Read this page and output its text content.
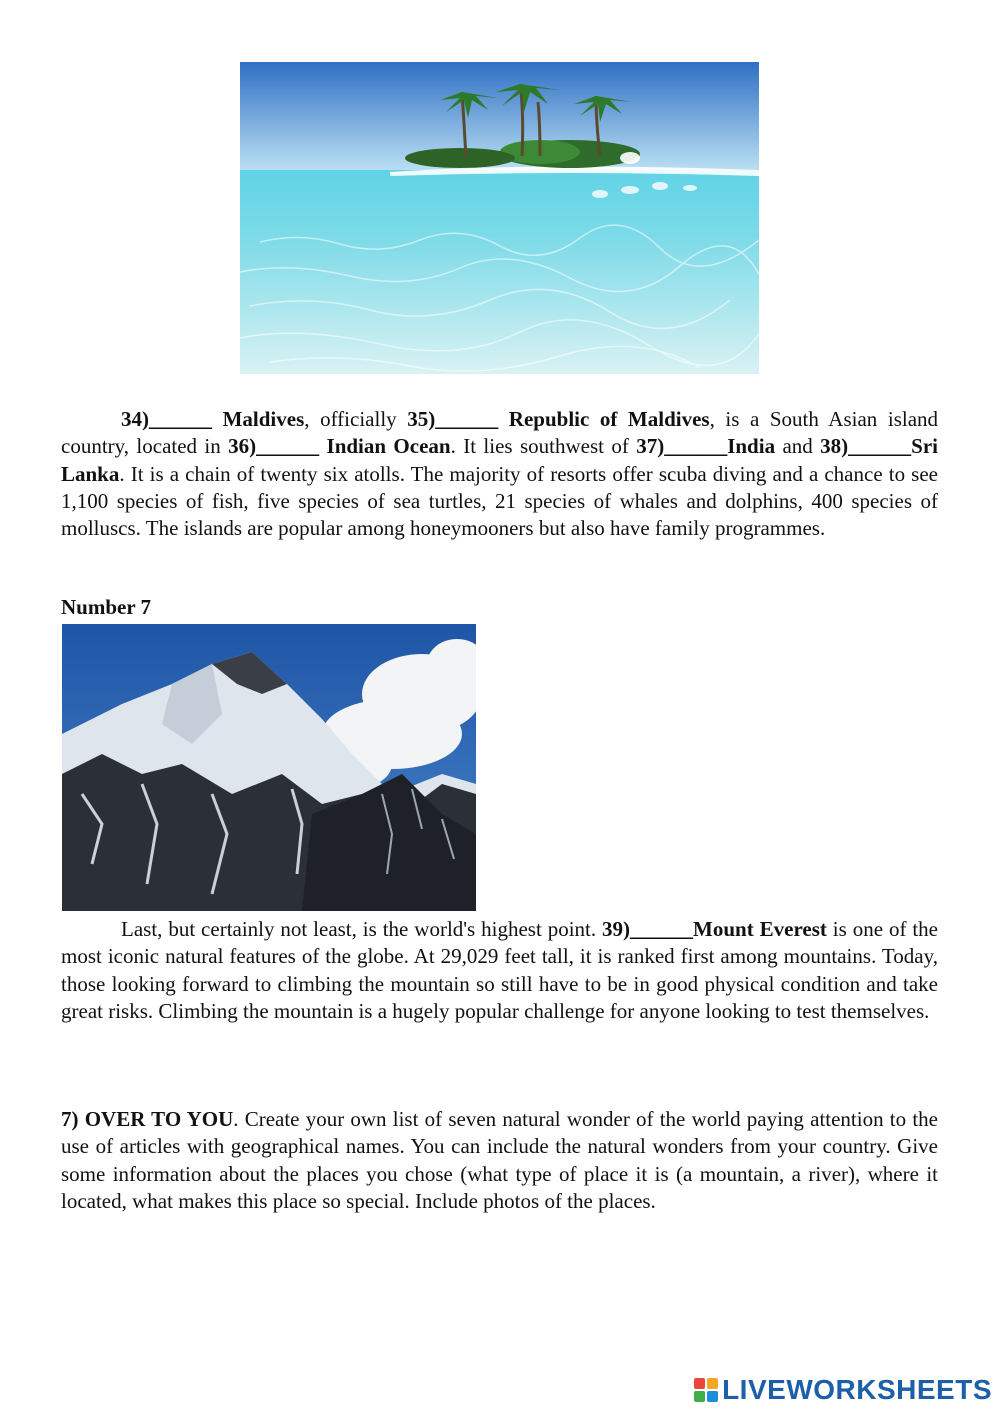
34)______ Maldives, officially 35)______ Republic of Maldives, is a South Asian island country, located in 36)______ Indian Ocean. It lies southwest of 37)______India and 38)______Sri Lanka. It is a chain of twenty six atolls. The majority of resorts offer scuba diving and a chance to see 1,100 species of fish, five species of sea turtles, 21 species of whales and dolphins, 400 species of molluscs. The islands are popular among honeymooners but also have family programmes.

Number 7

Last, but certainly not least, is the world's highest point. 39)______Mount Everest is one of the most iconic natural features of the globe. At 29,029 feet tall, it is ranked first among mountains. Today, those looking forward to climbing the mountain so still have to be in good physical condition and take great risks. Climbing the mountain is a hugely popular challenge for anyone looking to test themselves.

7) OVER TO YOU. Create your own list of seven natural wonder of the world paying attention to the use of articles with geographical names. You can include the natural wonders from your country. Give some information about the places you chose (what type of place it is (a mountain, a river), where it located, what makes this place so special. Include photos of the places.

LIVEWORKSHEETS
